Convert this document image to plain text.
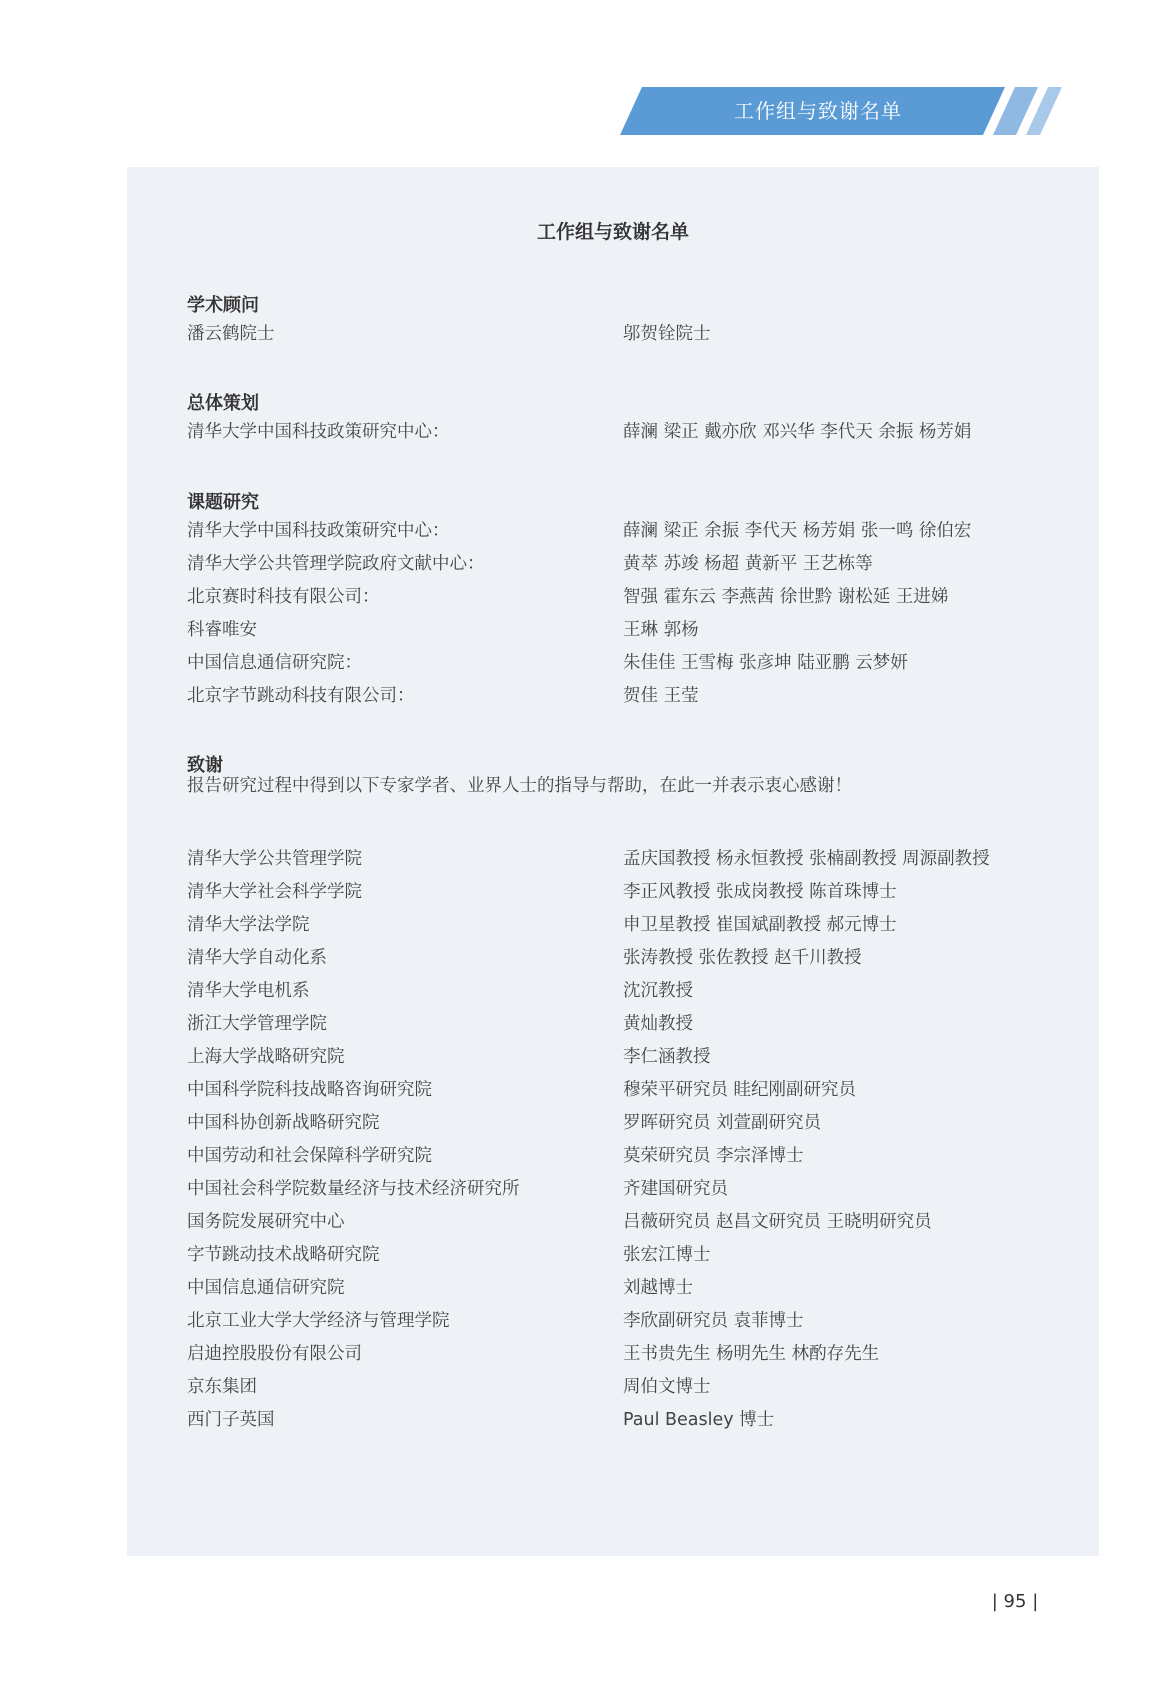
工作组与致谢名单
工作组与致谢名单
学术顾问
潘云鹤院士	邬贺铨院士
总体策划
清华大学中国科技政策研究中心：	薛澜 梁正 戴亦欣 邓兴华 李代天 余振 杨芳娟
课题研究
清华大学中国科技政策研究中心：	薛澜 梁正 余振 李代天 杨芳娟 张一鸣 徐伯宏
清华大学公共管理学院政府文献中心：	黄萃 苏竣 杨超 黄新平 王艺栋等
北京赛时科技有限公司：	智强 霍东云 李燕茜 徐世黔 谢松延 王进娣
科睿唯安	王琳 郭杨
中国信息通信研究院：	朱佳佳 王雪梅 张彦坤 陆亚鹏 云梦妍
北京字节跳动科技有限公司：	贺佳 王莹
致谢
报告研究过程中得到以下专家学者、业界人士的指导与帮助，在此一并表示衷心感谢！
清华大学公共管理学院	孟庆国教授 杨永恒教授 张楠副教授 周源副教授
清华大学社会科学学院	李正风教授 张成岗教授 陈首珠博士
清华大学法学院	申卫星教授 崔国斌副教授 郝元博士
清华大学自动化系	张涛教授 张佐教授 赵千川教授
清华大学电机系	沈沉教授
浙江大学管理学院	黄灿教授
上海大学战略研究院	李仁涵教授
中国科学院科技战略咨询研究院	穆荣平研究员 眭纪刚副研究员
中国科协创新战略研究院	罗晖研究员 刘萱副研究员
中国劳动和社会保障科学研究院	莫荣研究员 李宗泽博士
中国社会科学院数量经济与技术经济研究所	齐建国研究员
国务院发展研究中心	吕薇研究员 赵昌文研究员 王晓明研究员
字节跳动技术战略研究院	张宏江博士
中国信息通信研究院	刘越博士
北京工业大学大学经济与管理学院	李欣副研究员 袁菲博士
启迪控股股份有限公司	王书贵先生 杨明先生 林酌存先生
京东集团	周伯文博士
西门子英国	Paul Beasley 博士
| 95 |
